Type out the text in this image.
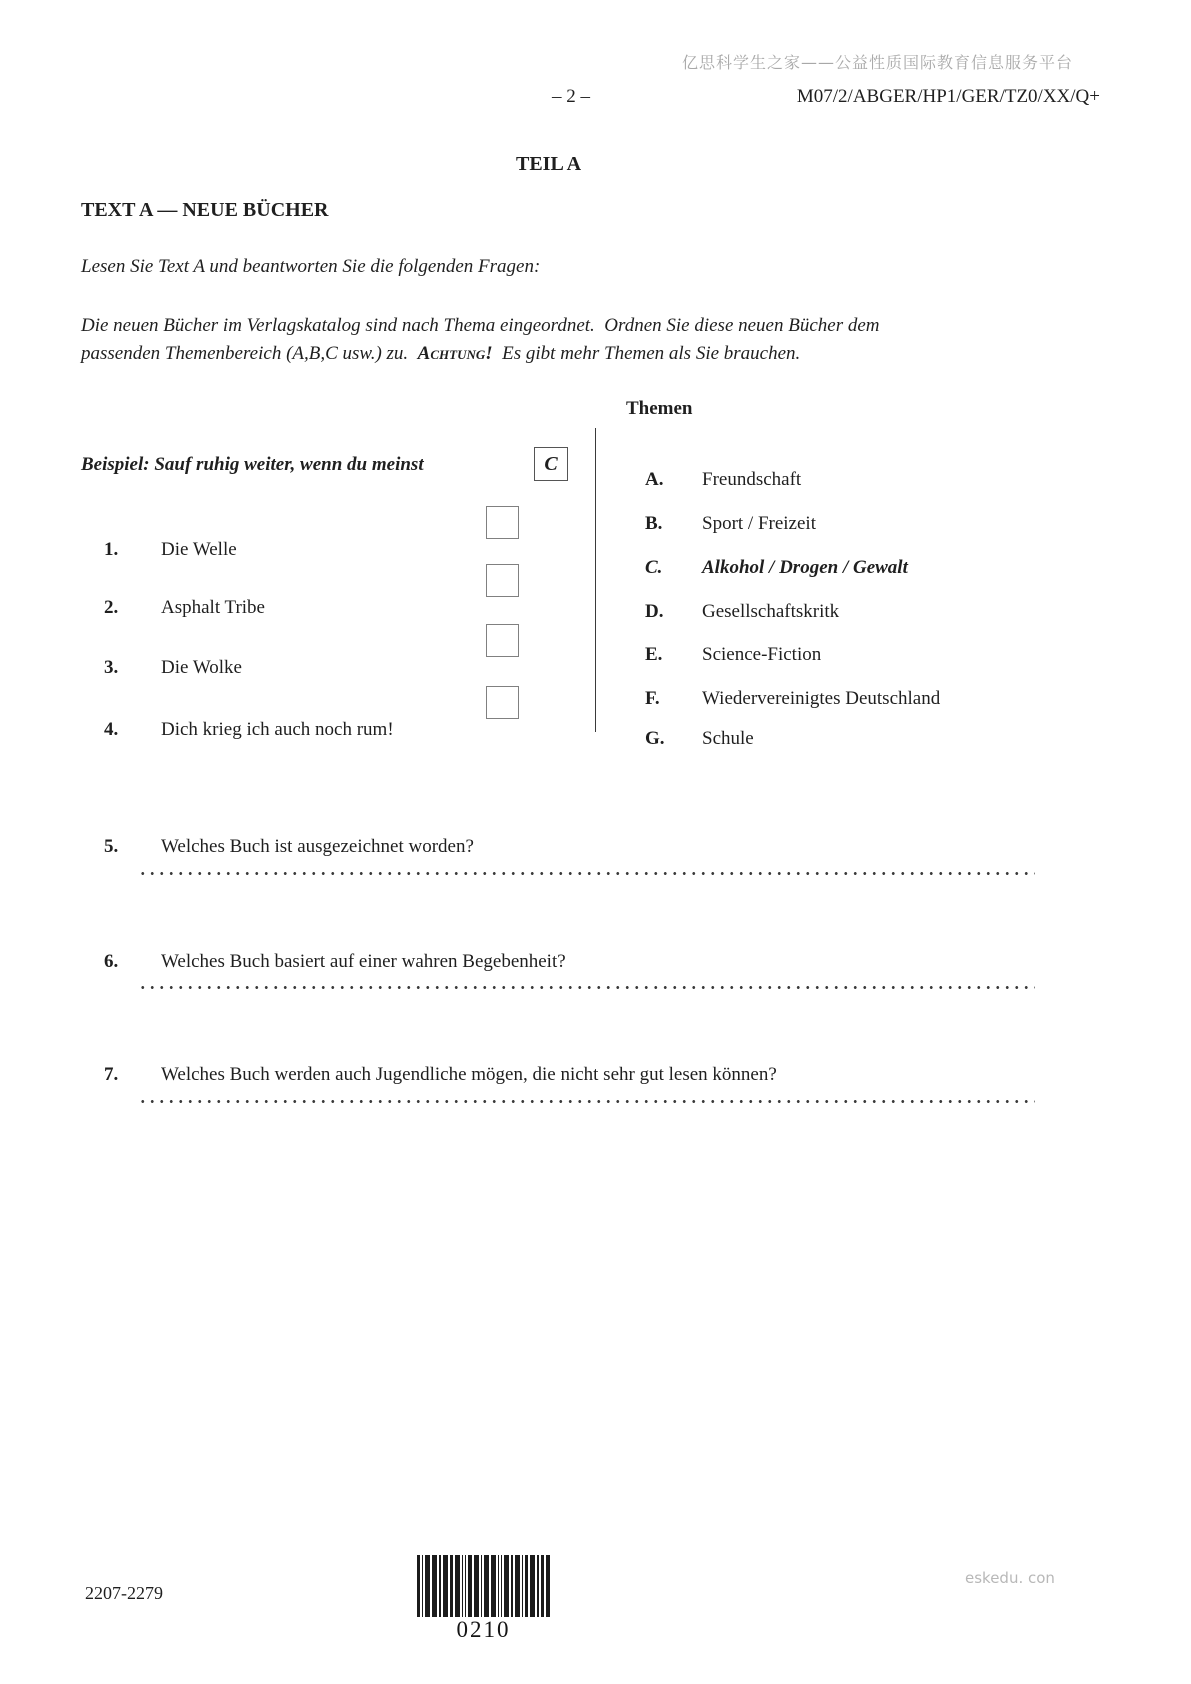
亿思科学生之家——公益性质国际教育信息服务平台
– 2 –	M07/2/ABGER/HP1/GER/TZ0/XX/Q+
TEIL A
TEXT A — NEUE BÜCHER
Lesen Sie Text A und beantworten Sie die folgenden Fragen:
Die neuen Bücher im Verlagskatalog sind nach Thema eingeordnet.  Ordnen Sie diese neuen Bücher dem
passenden Themenbereich (A,B,C usw.) zu.  Achtung!  Es gibt mehr Themen als Sie brauchen.
Themen

A. Freundschaft

B. Sport / Freizeit

C. Alkohol / Drogen / Gewalt

D. Gesellschaftskritk

E. Science-Fiction

F. Wiedervereinigtes Deutschland

G. Schule

Beispiel: Sauf ruhig weiter, wenn du meinst	C

1. Die Welle

2. Asphalt Tribe

3. Die Wolke

4. Dich krieg ich auch noch rum!

5. Welches Buch ist ausgezeichnet worden?

6. Welches Buch basiert auf einer wahren Begebenheit?

7. Welches Buch werden auch Jugendliche mögen, die nicht sehr gut lesen können?

2207-2279
0210
eskedu. con
